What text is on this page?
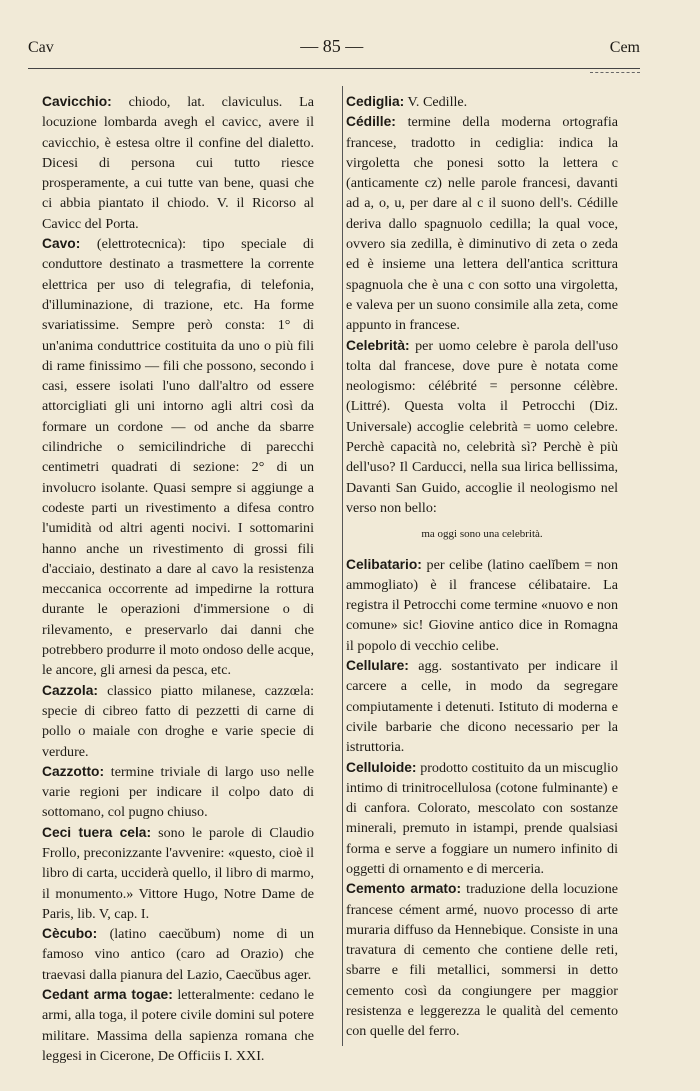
Cav	— 85 —	Cem

Cavicchio: chiodo, lat. claviculus. La locuzione lombarda avegh el cavicc, avere il cavicchio, è estesa oltre il confine del dialetto. Dicesi di persona cui tutto riesce prosperamente, a cui tutte van bene, quasi che ci abbia piantato il chiodo. V. il Ricorso al Cavicc del Porta.

Cavo: (elettrotecnica): tipo speciale di conduttore destinato a trasmettere la corrente elettrica per uso di telegrafia, di telefonia, d'illuminazione, di trazione, etc. Ha forme svariatissime. Sempre però consta: 1° di un'anima conduttrice costituita da uno o più fili di rame finissimo — fili che possono, secondo i casi, essere isolati l'uno dall'altro od essere attorcigliati gli uni intorno agli altri così da formare un cordone — od anche da sbarre cilindriche o semicilindriche di parecchi centimetri quadrati di sezione: 2° di un involucro isolante. Quasi sempre si aggiunge a codeste parti un rivestimento a difesa contro l'umidità od altri agenti nocivi. I sottomarini hanno anche un rivestimento di grossi fili d'acciaio, destinato a dare al cavo la resistenza meccanica occorrente ad impedirne la rottura durante le operazioni d'immersione o di rilevamento, e preservarlo dai danni che potrebbero produrre il moto ondoso delle acque, le ancore, gli arnesi da pesca, etc.

Cazzola: classico piatto milanese, cazzœla: specie di cibreo fatto di pezzetti di carne di pollo o maiale con droghe e varie specie di verdure.

Cazzotto: termine triviale di largo uso nelle varie regioni per indicare il colpo dato di sottomano, col pugno chiuso.

Ceci tuera cela: sono le parole di Claudio Frollo, preconizzante l'avvenire: «questo, cioè il libro di carta, ucciderà quello, il libro di marmo, il monumento.» Vittore Hugo, Notre Dame de Paris, lib. V, cap. I.

Cècubo: (latino caecŭbum) nome di un famoso vino antico (caro ad Orazio) che traevasi dalla pianura del Lazio, Caecŭbus ager.

Cedant arma togae: letteralmente: cedano le armi, alla toga, il potere civile domini sul potere militare. Massima della sapienza romana che leggesi in Cicerone, De Officiis I. XXI.

Cediglia: V. Cedille.

Cédille: termine della moderna ortografia francese, tradotto in cediglia: indica la virgoletta che ponesi sotto la lettera c (anticamente cz) nelle parole francesi, davanti ad a, o, u, per dare al c il suono dell's. Cédille deriva dallo spagnuolo cedilla; la qual voce, ovvero sia zedilla, è diminutivo di zeta o zeda ed è insieme una lettera dell'antica scrittura spagnuola che è una c con sotto una virgoletta, e valeva per un suono consimile alla zeta, come appunto in francese.

Celebrità: per uomo celebre è parola dell'uso tolta dal francese, dove pure è notata come neologismo: célébrité = personne célèbre. (Littré). Questa volta il Petrocchi (Diz. Universale) accoglie celebrità = uomo celebre. Perchè capacità no, celebrità sì? Perchè è più dell'uso? Il Carducci, nella sua lirica bellissima, Davanti San Guido, accoglie il neologismo nel verso non bello:

ma oggi sono una celebrità.

Celibatario: per celibe (latino caelĭbem = non ammogliato) è il francese célibataire. La registra il Petrocchi come termine «nuovo e non comune» sic! Giovine antico dice in Romagna il popolo di vecchio celibe.

Cellulare: agg. sostantivato per indicare il carcere a celle, in modo da segregare compiutamente i detenuti. Istituto di moderna e civile barbarie che dicono necessario per la istruttoria.

Celluloide: prodotto costituito da un miscuglio intimo di trinitrocellulosa (cotone fulminante) e di canfora. Colorato, mescolato con sostanze minerali, premuto in istampi, prende qualsiasi forma e serve a foggiare un numero infinito di oggetti di ornamento e di merceria.

Cemento armato: traduzione della locuzione francese cément armé, nuovo processo di arte muraria diffuso da Hennebique. Consiste in una travatura di cemento che contiene delle reti, sbarre e fili metallici, sommersi in detto cemento così da congiungere per maggior resistenza e leggerezza le qualità del cemento con quelle del ferro.
